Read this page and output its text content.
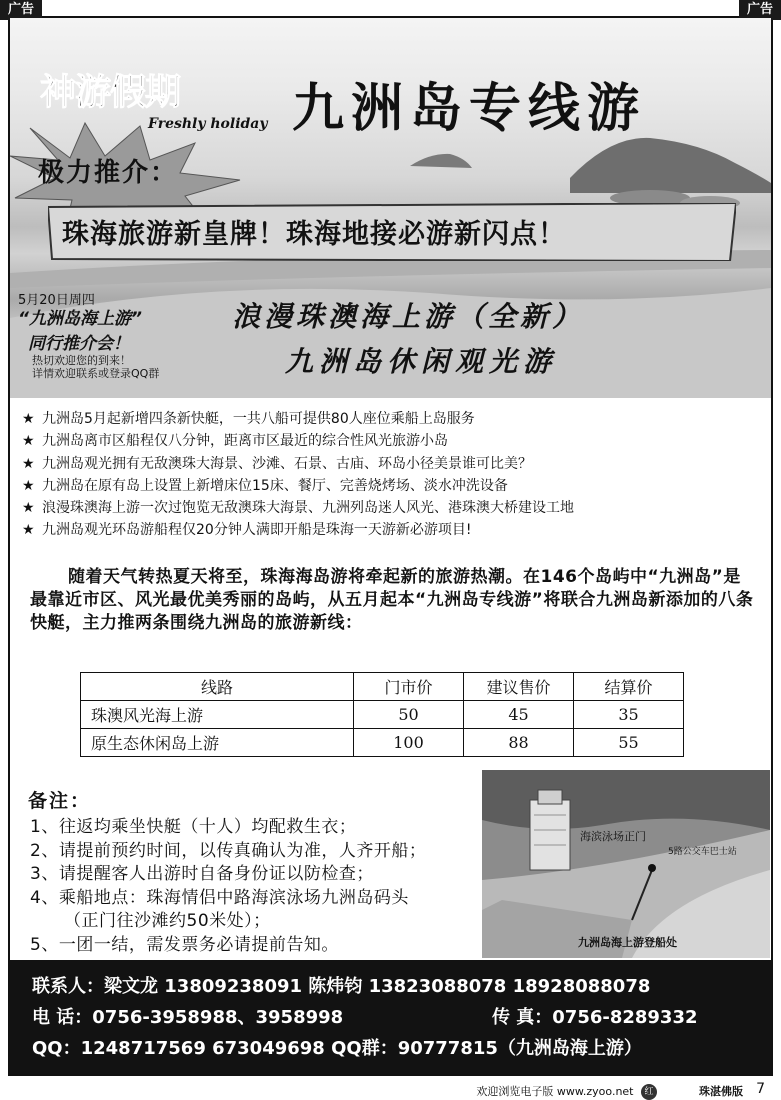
广告	广告
神游假期
Freshly holiday 九洲岛专线游
极力推介：
珠海旅游新皇牌！珠海地接必游新闪点！
5月20日周四
“九洲岛海上游”
同行推介会！
热切欢迎您的到来！
详情欢迎联系或登录QQ群
浪漫珠澳海上游（全新）
九洲岛休闲观光游
★ 九洲岛5月起新增四条新快艇，一共八船可提供80人座位乘船上岛服务
★ 九洲岛离市区船程仅八分钟，距离市区最近的综合性风光旅游小岛
★ 九洲岛观光拥有无敌澳珠大海景、沙滩、石景、古庙、环岛小径美景谁可比美？
★ 九洲岛在原有岛上设置上新增床位15床、餐厅、完善烧烤场、淡水冲洗设备
★ 浪漫珠澳海上游一次过饱览无敌澳珠大海景、九洲列岛迷人风光、港珠澳大桥建设工地
★ 九洲岛观光环岛游船程仅20分钟人满即开船是珠海一天游新必游项目!

随着天气转热夏天将至，珠海海岛游将牵起新的旅游热潮。在146个岛屿中“九洲岛”是最靠近市区、风光最优美秀丽的岛屿，从五月起本“九洲岛专线游”将联合九洲岛新添加的八条快艇，主力推两条围绕九洲岛的旅游新线：

线路	门市价	建议售价	结算价
珠澳风光海上游	50	45	35
原生态休闲岛上游	100	88	55
备注：
1、往返均乘坐快艇（十人）均配救生衣；
2、请提前预约时间，以传真确认为准，人齐开船；
3、请提醒客人出游时自备身份证以防检查；
4、乘船地点：珠海情侣中路海滨泳场九洲岛码头
（正门往沙滩约50米处）；
5、一团一结，需发票务必请提前告知。
海滨泳场正门
5路公交车巴士站
九洲岛海上游登船处
联系人：梁文龙 13809238091 陈炜钧 13823088078 18928088078
电 话：0756-3958988、3958998	传 真：0756-8289332
QQ：1248717569 673049698 QQ群：90777815（九洲岛海上游）
欢迎浏览电子版 www.zyoo.net 红	珠湛佛版 7
